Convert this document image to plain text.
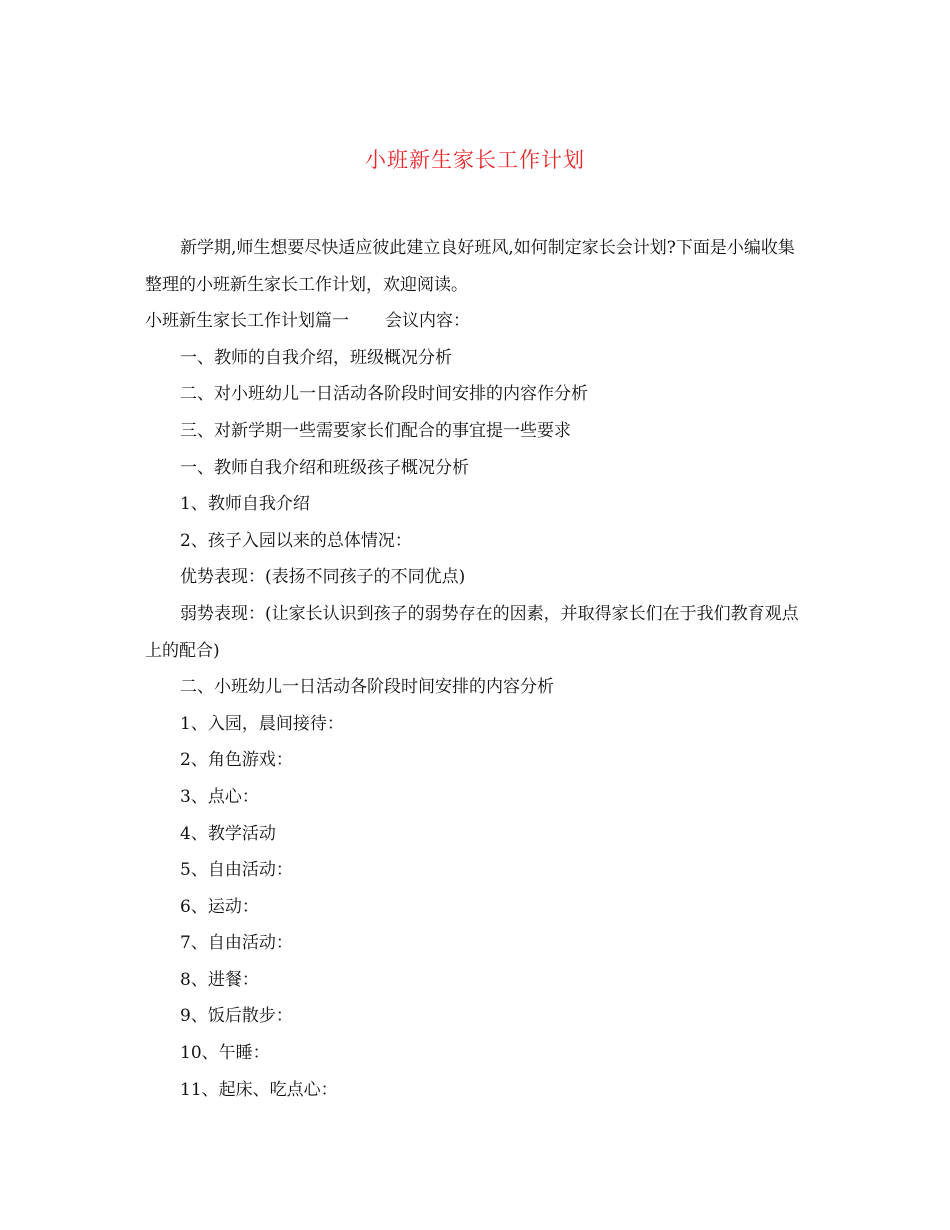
小班新生家长工作计划

新学期,师生想要尽快适应彼此建立良好班风,如何制定家长会计划?下面是小编收集整理的小班新生家长工作计划，欢迎阅读。

小班新生家长工作计划篇一 会议内容：

一、教师的自我介绍，班级概况分析

二、对小班幼儿一日活动各阶段时间安排的内容作分析

三、对新学期一些需要家长们配合的事宜提一些要求

一、教师自我介绍和班级孩子概况分析

1、教师自我介绍

2、孩子入园以来的总体情况：

优势表现：(表扬不同孩子的不同优点)

弱势表现：(让家长认识到孩子的弱势存在的因素，并取得家长们在于我们教育观点上的配合)

二、小班幼儿一日活动各阶段时间安排的内容分析

1、入园，晨间接待：

2、角色游戏：

3、点心：

4、教学活动

5、自由活动：

6、运动：

7、自由活动：

8、进餐：

9、饭后散步：

10、午睡：

11、起床、吃点心：
